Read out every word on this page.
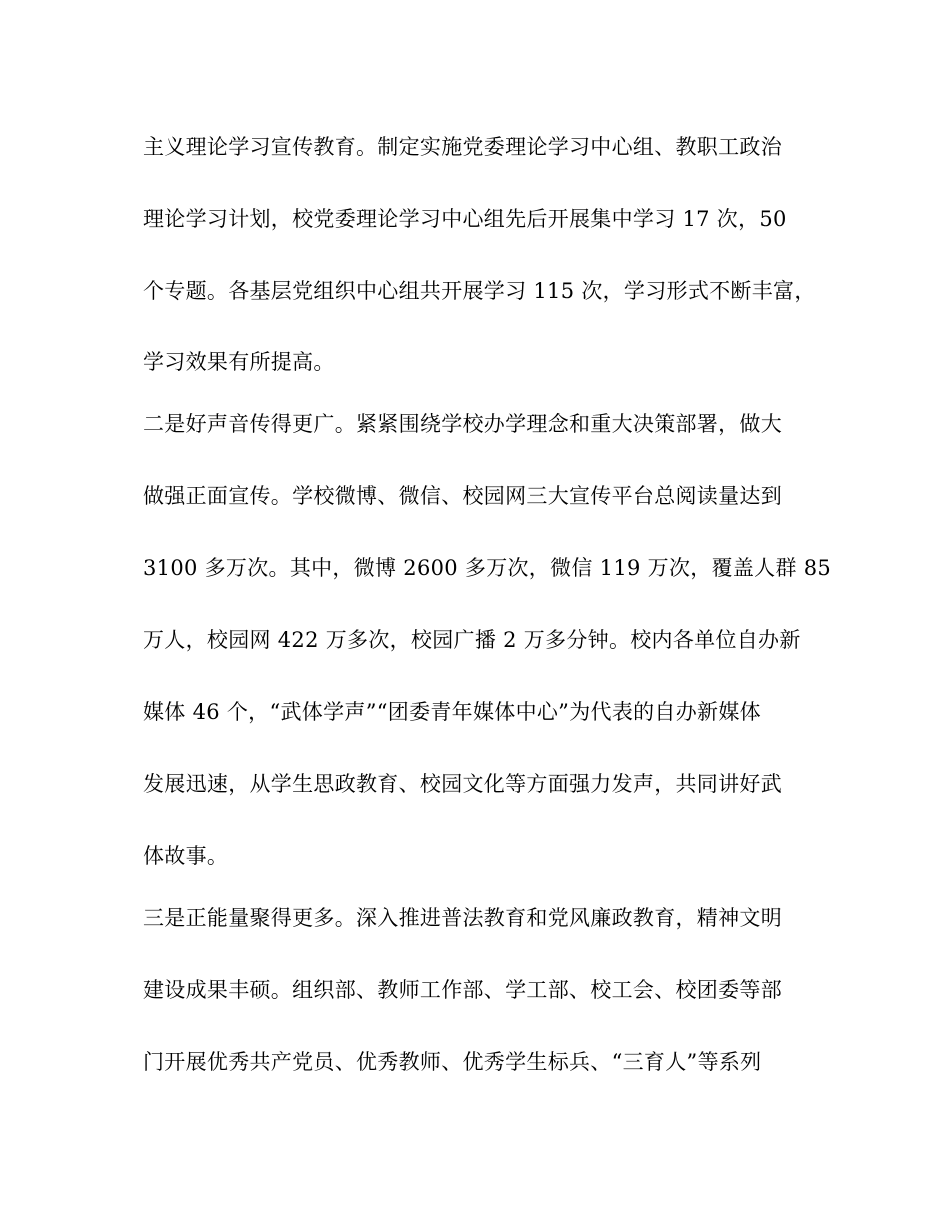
主义理论学习宣传教育。制定实施党委理论学习中心组、教职工政治
理论学习计划，校党委理论学习中心组先后开展集中学习 17 次，50
个专题。各基层党组织中心组共开展学习 115 次，学习形式不断丰富，
学习效果有所提高。
二是好声音传得更广。紧紧围绕学校办学理念和重大决策部署，做大
做强正面宣传。学校微博、微信、校园网三大宣传平台总阅读量达到
3100 多万次。其中，微博 2600 多万次，微信 119 万次，覆盖人群 85
万人，校园网 422 万多次，校园广播 2 万多分钟。校内各单位自办新
媒体 46 个，“武体学声”“团委青年媒体中心”为代表的自办新媒体
发展迅速，从学生思政教育、校园文化等方面强力发声，共同讲好武
体故事。
三是正能量聚得更多。深入推进普法教育和党风廉政教育，精神文明
建设成果丰硕。组织部、教师工作部、学工部、校工会、校团委等部
门开展优秀共产党员、优秀教师、优秀学生标兵、“三育人”等系列
